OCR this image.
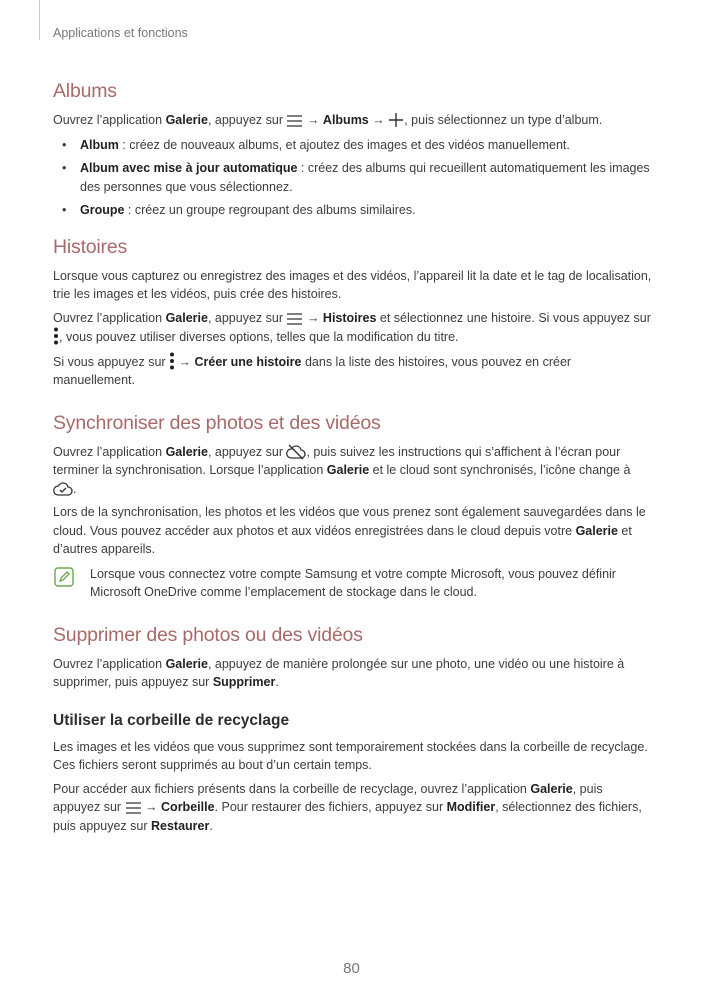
Applications et fonctions
Albums

Ouvrez l’application Galerie, appuyez sur  → Albums → , puis sélectionnez un type d’album.

• Album : créez de nouveaux albums, et ajoutez des images et des vidéos manuellement.
• Album avec mise à jour automatique : créez des albums qui recueillent automatiquement les images des personnes que vous sélectionnez.
• Groupe : créez un groupe regroupant des albums similaires.
Histoires

Lorsque vous capturez ou enregistrez des images et des vidéos, l’appareil lit la date et le tag de localisation, trie les images et les vidéos, puis crée des histoires.

Ouvrez l’application Galerie, appuyez sur  → Histoires et sélectionnez une histoire. Si vous appuyez sur , vous pouvez utiliser diverses options, telles que la modification du titre.

Si vous appuyez sur  → Créer une histoire dans la liste des histoires, vous pouvez en créer manuellement.

Synchroniser des photos et des vidéos

Ouvrez l’application Galerie, appuyez sur , puis suivez les instructions qui s’affichent à l’écran pour terminer la synchronisation. Lorsque l’application Galerie et le cloud sont synchronisés, l’icône change à .

Lors de la synchronisation, les photos et les vidéos que vous prenez sont également sauvegardées dans le cloud. Vous pouvez accéder aux photos et aux vidéos enregistrées dans le cloud depuis votre Galerie et d’autres appareils.

Lorsque vous connectez votre compte Samsung et votre compte Microsoft, vous pouvez définir Microsoft OneDrive comme l’emplacement de stockage dans le cloud.

Supprimer des photos ou des vidéos

Ouvrez l’application Galerie, appuyez de manière prolongée sur une photo, une vidéo ou une histoire à supprimer, puis appuyez sur Supprimer.

Utiliser la corbeille de recyclage

Les images et les vidéos que vous supprimez sont temporairement stockées dans la corbeille de recyclage. Ces fichiers seront supprimés au bout d’un certain temps.

Pour accéder aux fichiers présents dans la corbeille de recyclage, ouvrez l’application Galerie, puis appuyez sur  → Corbeille. Pour restaurer des fichiers, appuyez sur Modifier, sélectionnez des fichiers, puis appuyez sur Restaurer.

80
